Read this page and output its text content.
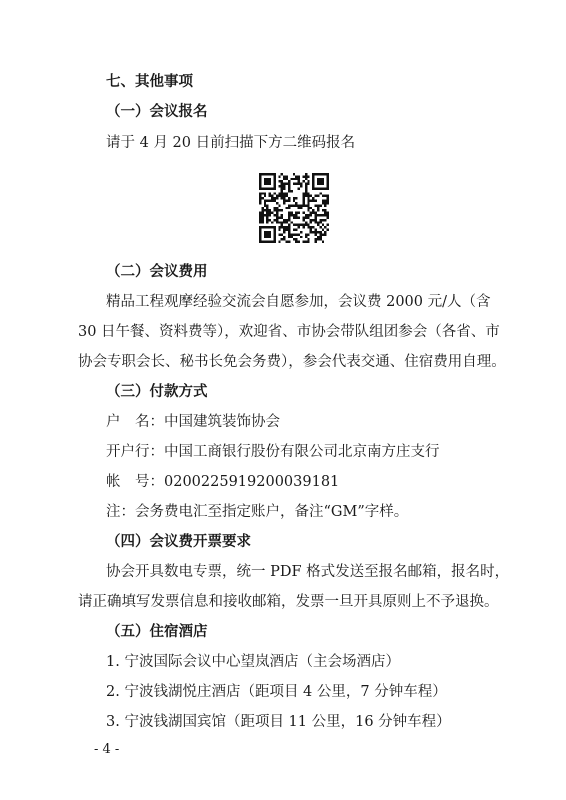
七、其他事项
（一）会议报名
请于 4 月 20 日前扫描下方二维码报名
（二）会议费用
精品工程观摩经验交流会自愿参加，会议费 2000 元/人（含
30 日午餐、资料费等），欢迎省、市协会带队组团参会（各省、市
协会专职会长、秘书长免会务费），参会代表交通、住宿费用自理。
（三）付款方式
户　名：中国建筑装饰协会
开户行：中国工商银行股份有限公司北京南方庄支行
帐　号：0200225919200039181
注：会务费电汇至指定账户，备注“GM”字样。
（四）会议费开票要求
协会开具数电专票，统一 PDF 格式发送至报名邮箱，报名时，
请正确填写发票信息和接收邮箱，发票一旦开具原则上不予退换。
（五）住宿酒店
1. 宁波国际会议中心望岚酒店（主会场酒店）
2. 宁波钱湖悦庄酒店（距项目 4 公里，7 分钟车程）
3. 宁波钱湖国宾馆（距项目 11 公里，16 分钟车程）
- 4 -
